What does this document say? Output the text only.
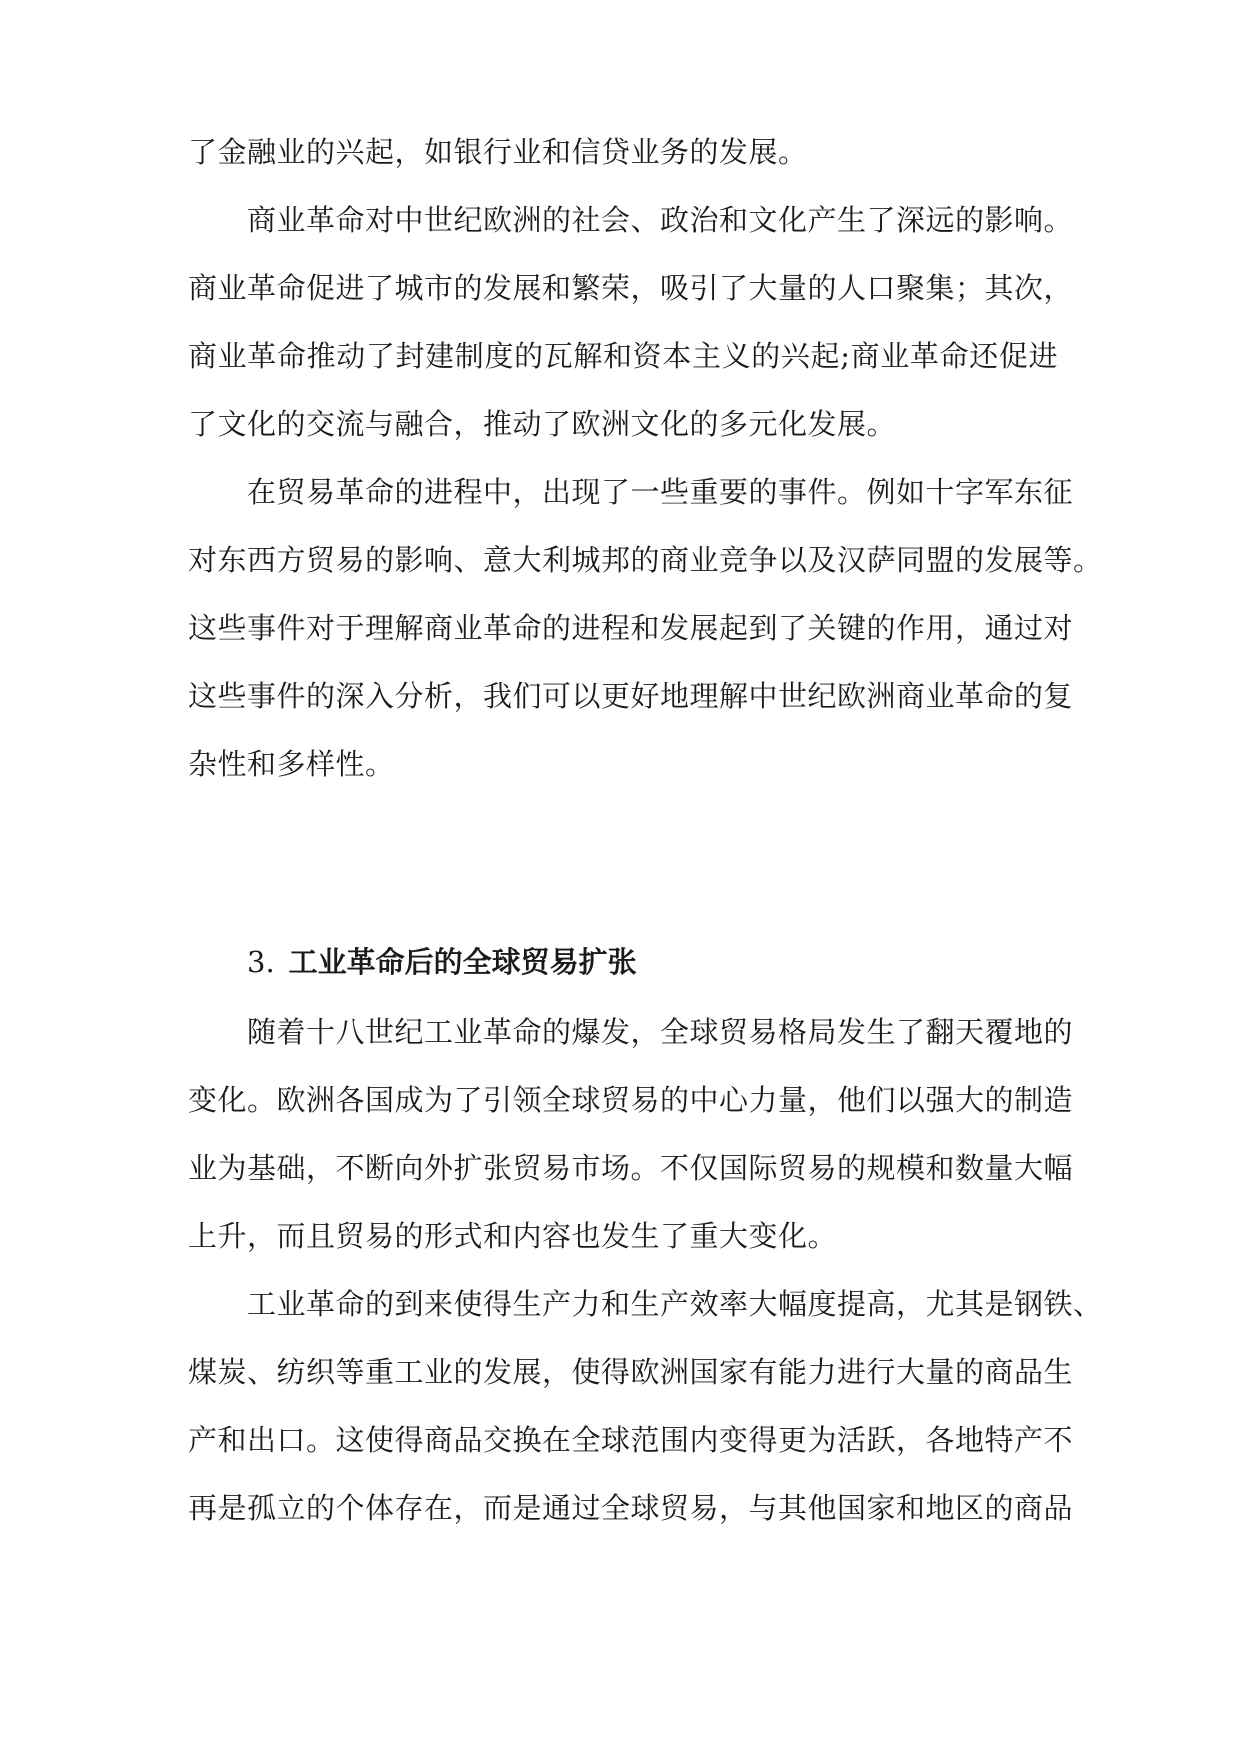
了金融业的兴起，如银行业和信贷业务的发展。
商业革命对中世纪欧洲的社会、政治和文化产生了深远的影响。
商业革命促进了城市的发展和繁荣，吸引了大量的人口聚集；其次，
商业革命推动了封建制度的瓦解和资本主义的兴起;商业革命还促进
了文化的交流与融合，推动了欧洲文化的多元化发展。
在贸易革命的进程中，出现了一些重要的事件。例如十字军东征
对东西方贸易的影响、意大利城邦的商业竞争以及汉萨同盟的发展等。
这些事件对于理解商业革命的进程和发展起到了关键的作用，通过对
这些事件的深入分析，我们可以更好地理解中世纪欧洲商业革命的复
杂性和多样性。
3. 工业革命后的全球贸易扩张
随着十八世纪工业革命的爆发，全球贸易格局发生了翻天覆地的
变化。欧洲各国成为了引领全球贸易的中心力量，他们以强大的制造
业为基础，不断向外扩张贸易市场。不仅国际贸易的规模和数量大幅
上升，而且贸易的形式和内容也发生了重大变化。
工业革命的到来使得生产力和生产效率大幅度提高，尤其是钢铁、
煤炭、纺织等重工业的发展，使得欧洲国家有能力进行大量的商品生
产和出口。这使得商品交换在全球范围内变得更为活跃，各地特产不
再是孤立的个体存在，而是通过全球贸易，与其他国家和地区的商品
